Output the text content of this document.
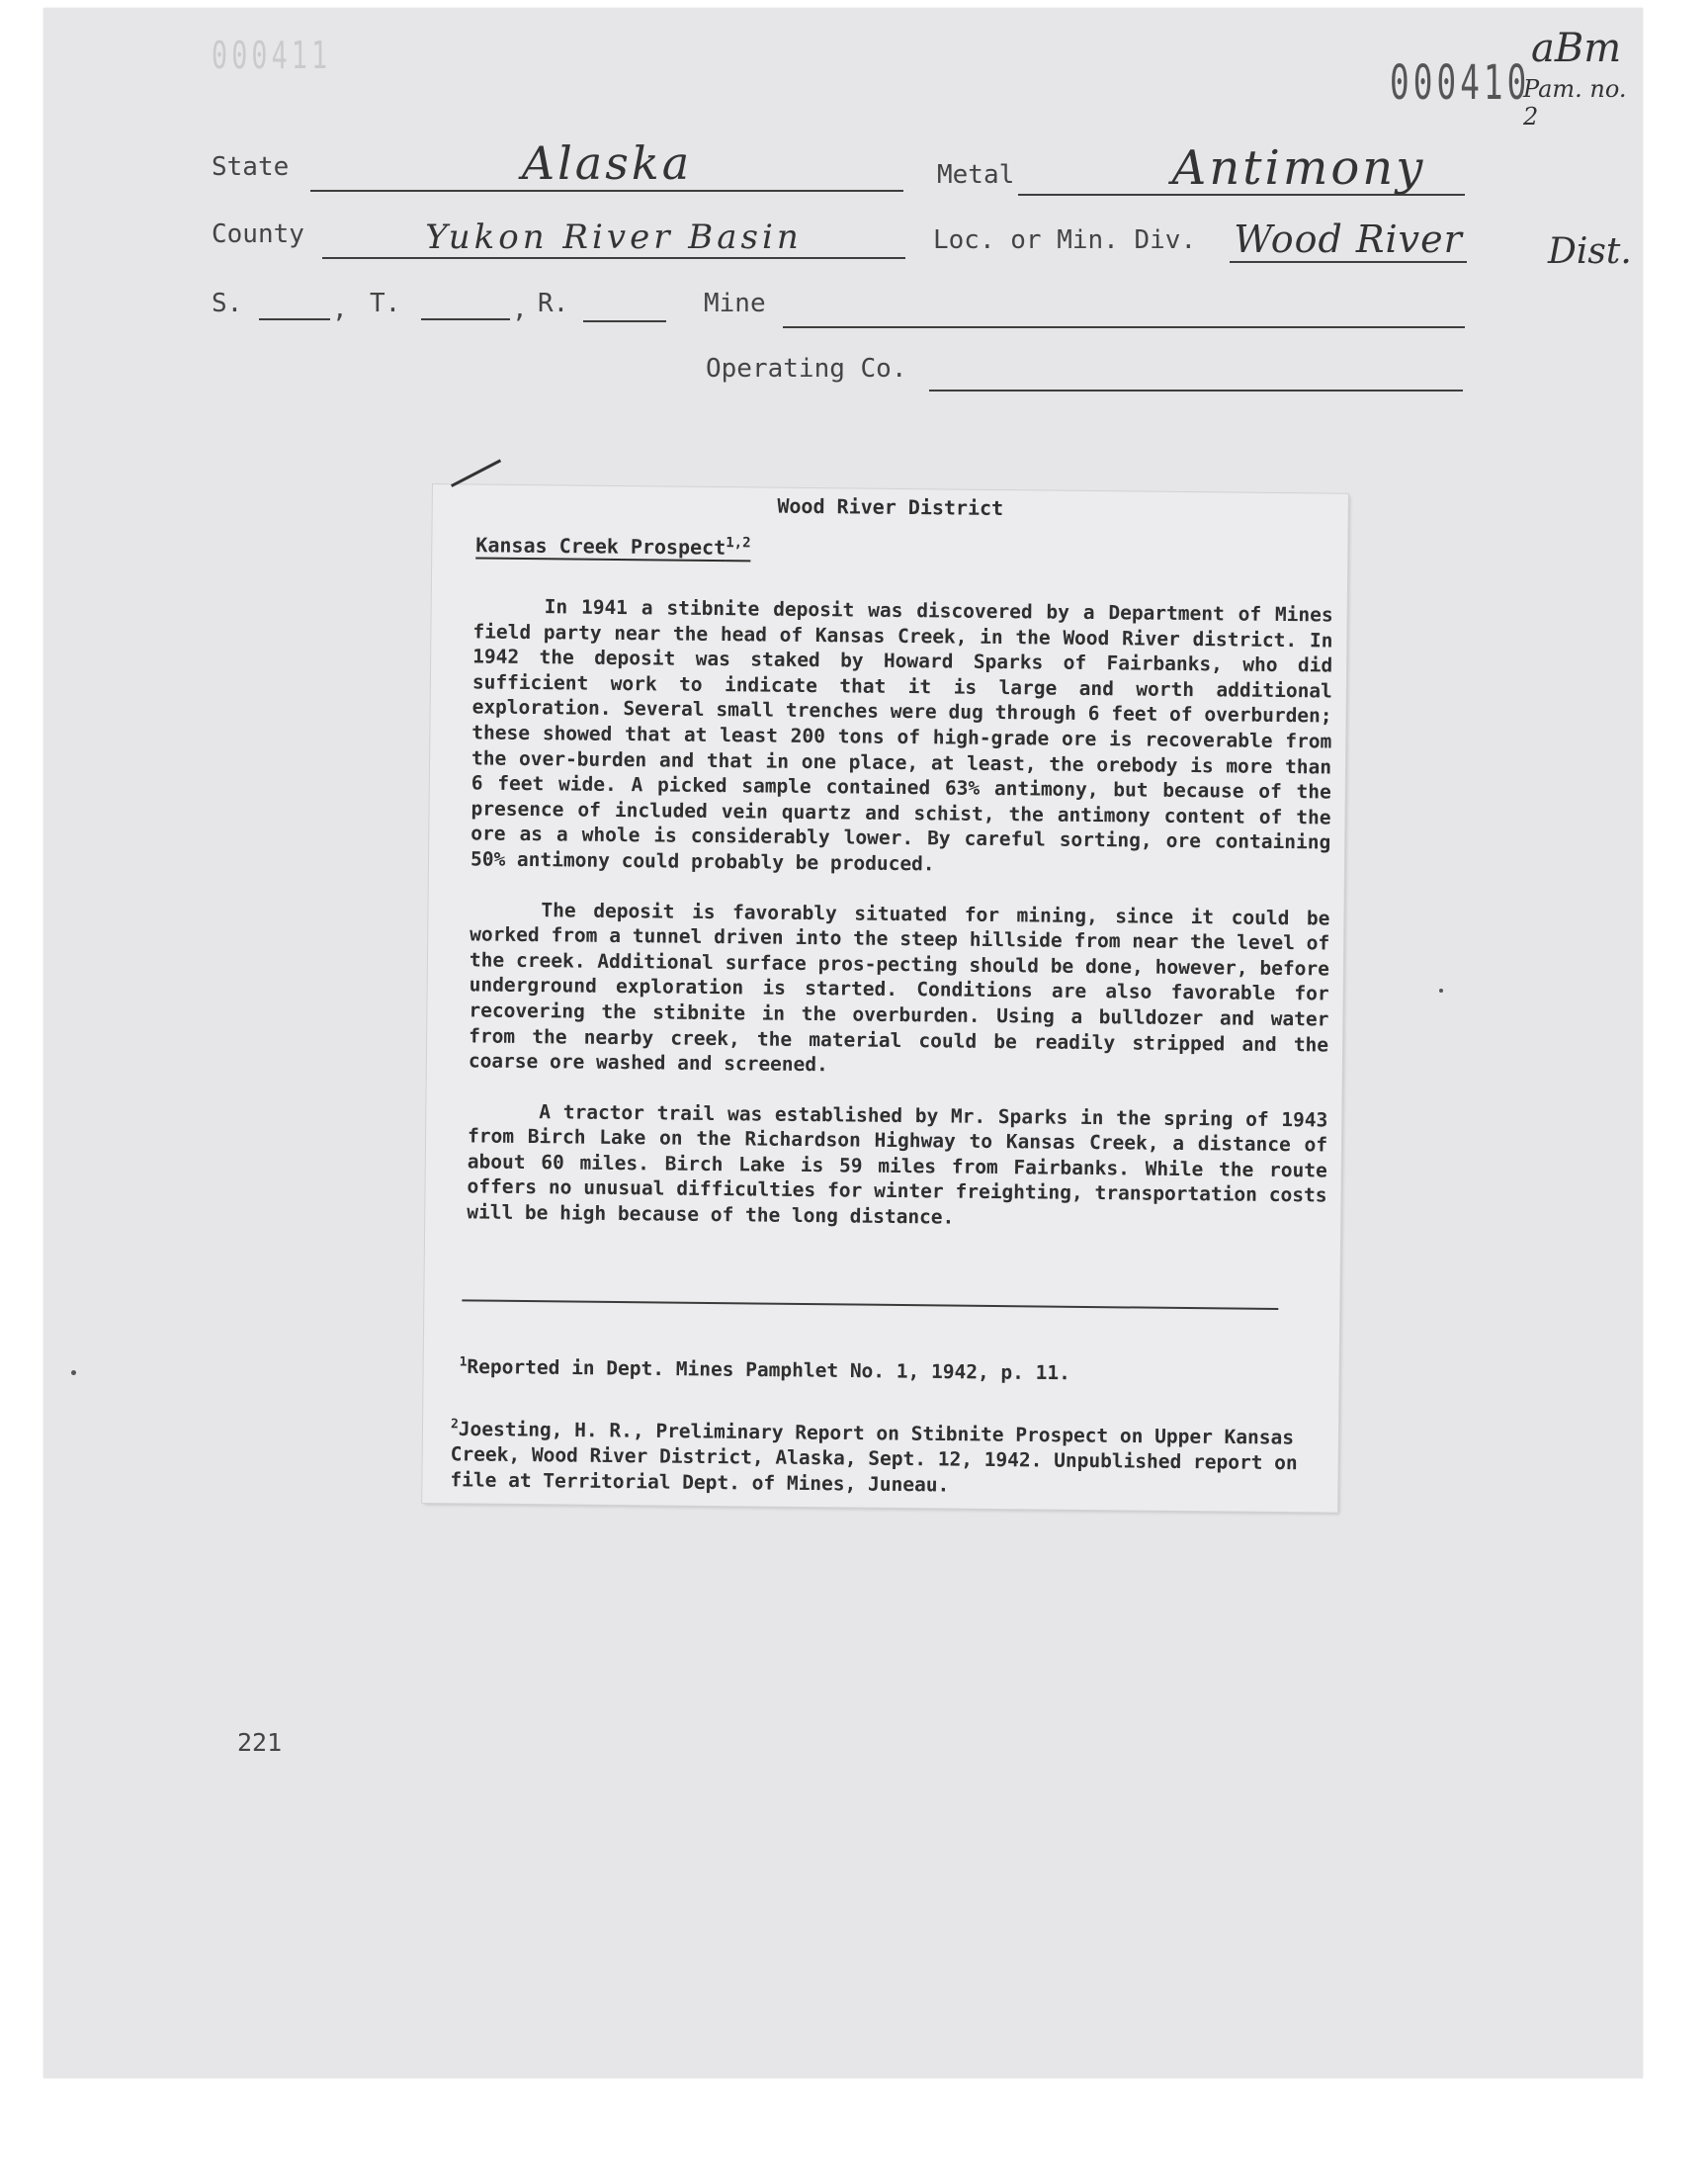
000411	000410
aBm
Pam. no. 2
State	Alaska	Metal	Antimony
County	Yukon River Basin	Loc. or Min. Div. Wood River Dist.
S.	, T.	, R.	Mine
Operating Co.
Wood River District
Kansas Creek Prospect$^{1,2}$

In 1941 a stibnite deposit was discovered by a Department of Mines field party near the head of Kansas Creek, in the Wood River district. In 1942 the deposit was staked by Howard Sparks of Fairbanks, who did sufficient work to indicate that it is large and worth additional exploration. Several small trenches were dug through 6 feet of overburden; these showed that at least 200 tons of high-grade ore is recoverable from the over-burden and that in one place, at least, the orebody is more than 6 feet wide. A picked sample contained 63% antimony, but because of the presence of included vein quartz and schist, the antimony content of the ore as a whole is considerably lower. By careful sorting, ore containing 50% antimony could probably be produced.

The deposit is favorably situated for mining, since it could be worked from a tunnel driven into the steep hillside from near the level of the creek. Additional surface pros-pecting should be done, however, before underground exploration is started. Conditions are also favorable for recovering the stibnite in the overburden. Using a bulldozer and water from the nearby creek, the material could be readily stripped and the coarse ore washed and screened.

A tractor trail was established by Mr. Sparks in the spring of 1943 from Birch Lake on the Richardson Highway to Kansas Creek, a distance of about 60 miles. Birch Lake is 59 miles from Fairbanks. While the route offers no unusual difficulties for winter freighting, transportation costs will be high because of the long distance.

$^1$Reported in Dept. Mines Pamphlet No. 1, 1942, p. 11.
$^2$Joesting, H. R., Preliminary Report on Stibnite Prospect on Upper Kansas Creek, Wood River District, Alaska, Sept. 12, 1942. Unpublished report on file at Territorial Dept. of Mines, Juneau.
221
